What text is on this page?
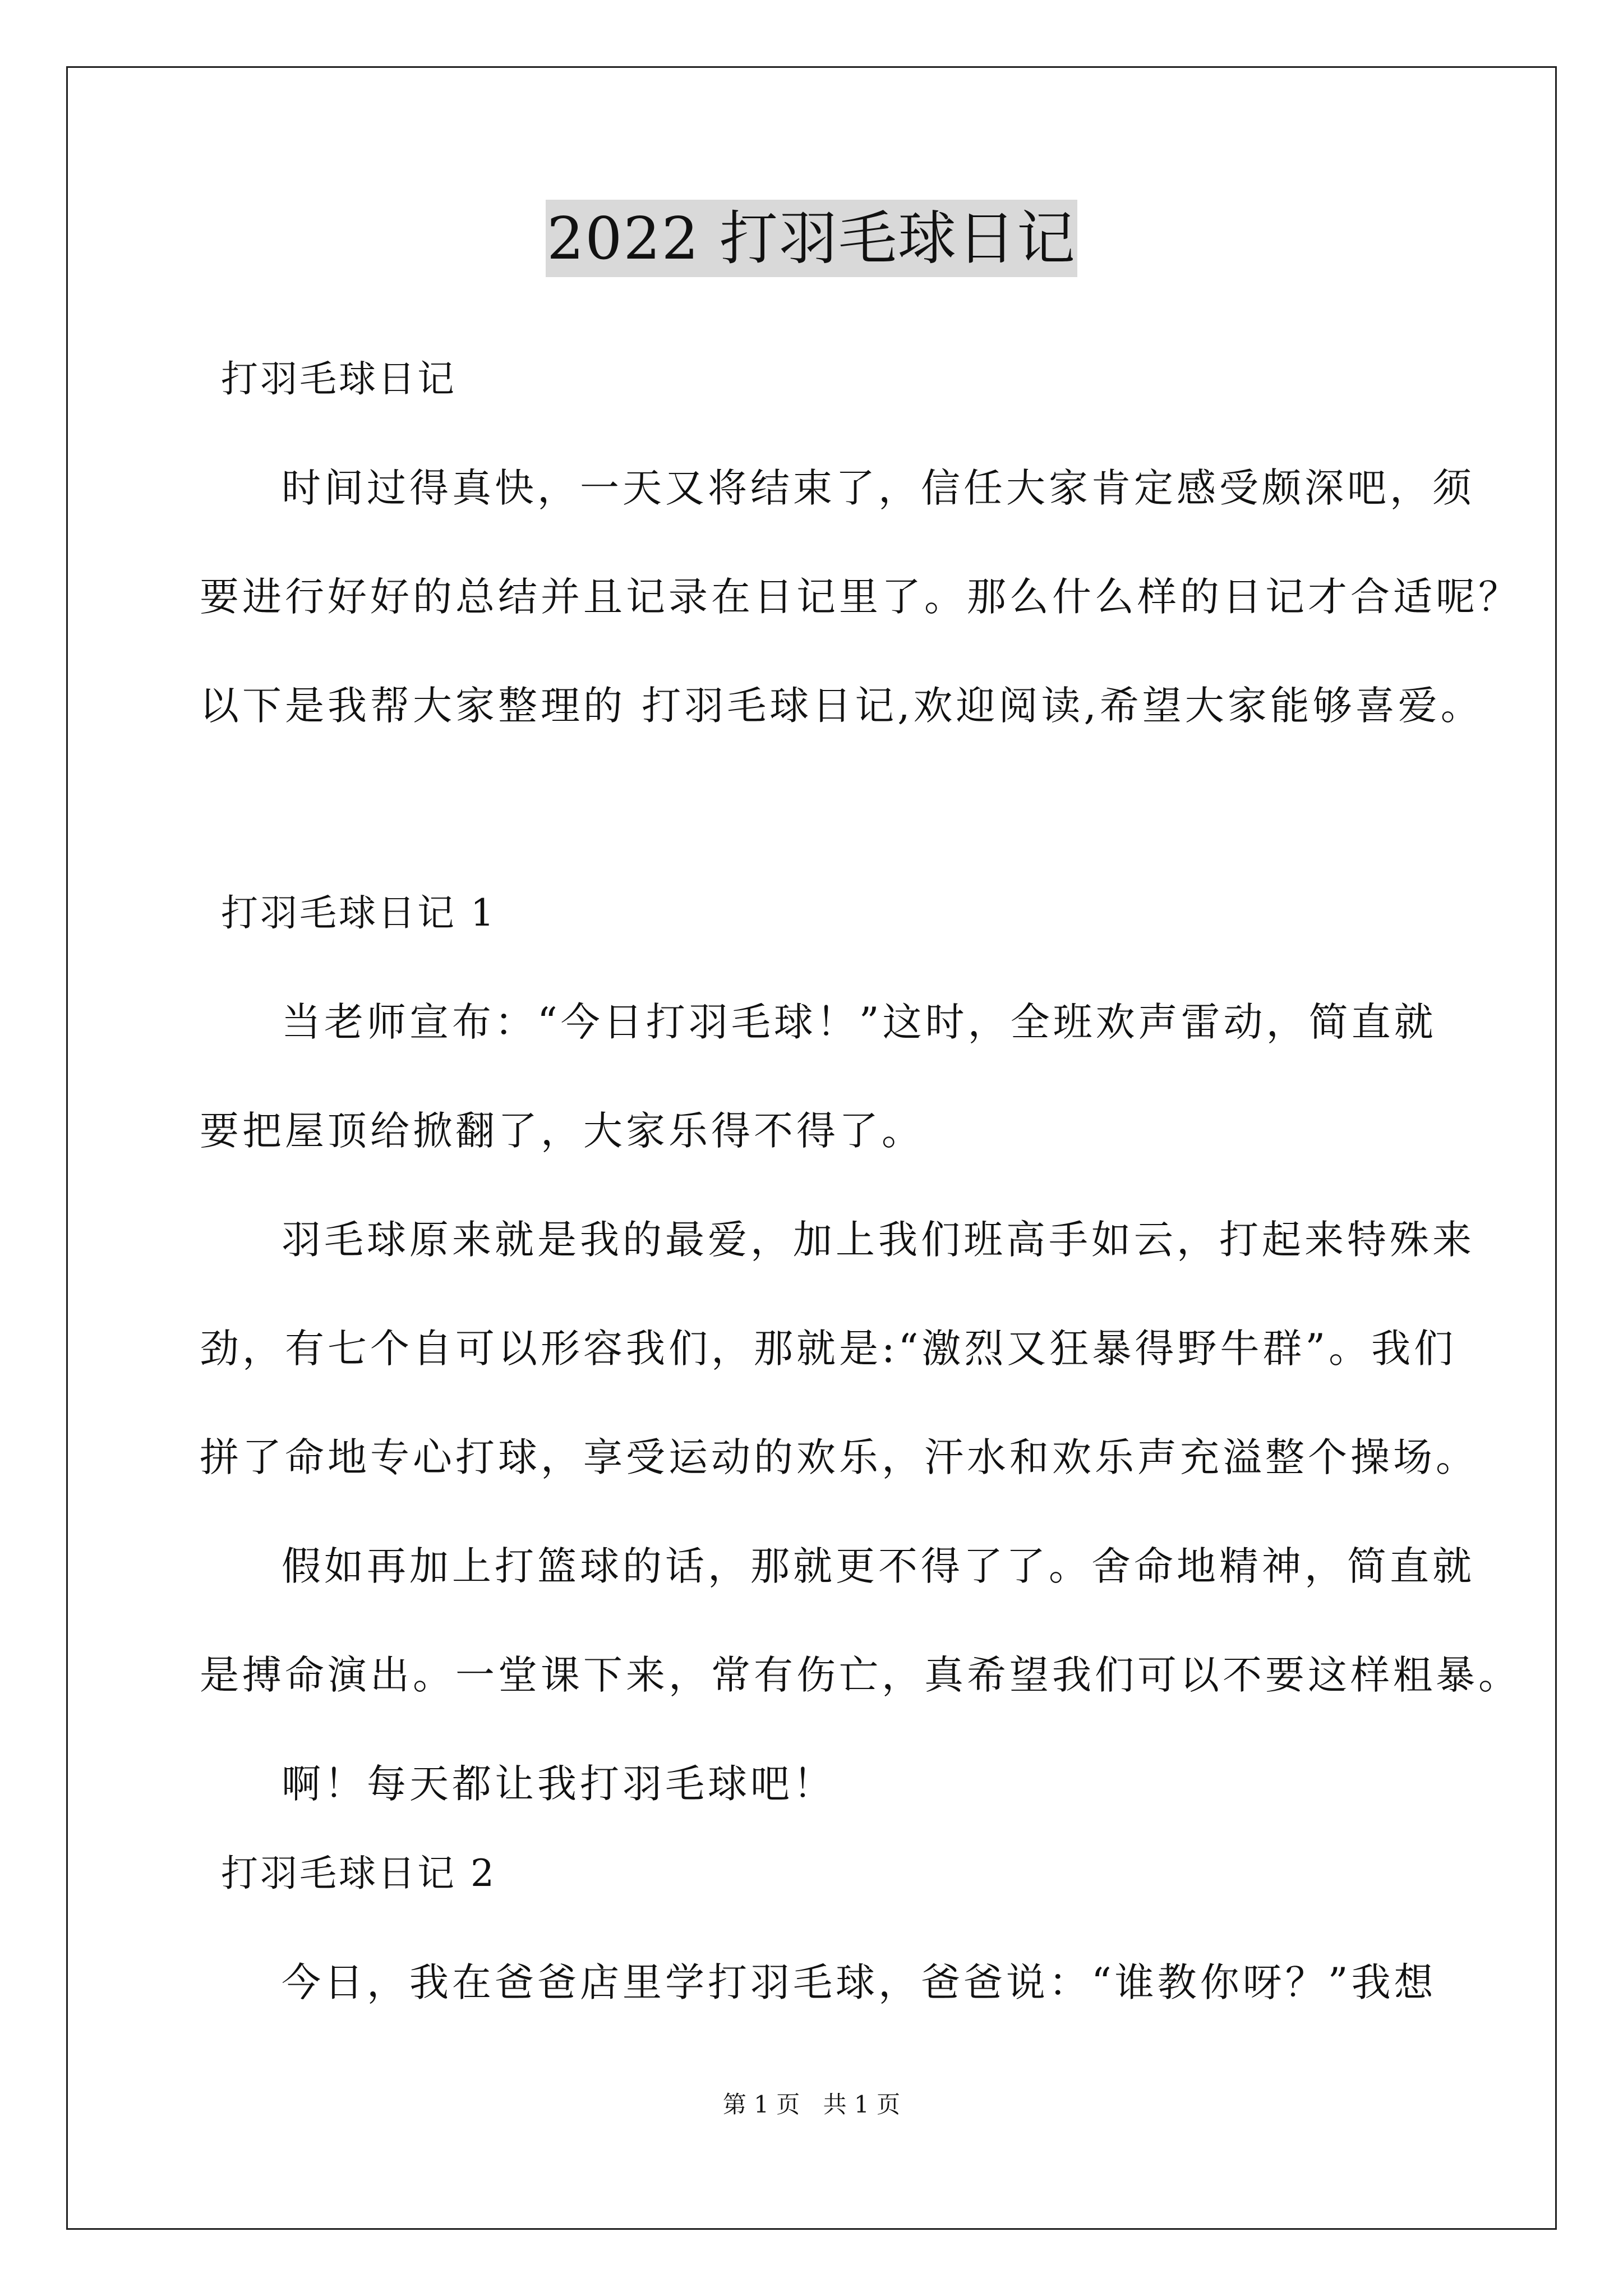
2022 打羽毛球日记
打羽毛球日记
时间过得真快，一天又将结束了，信任大家肯定感受颇深吧，须
要进行好好的总结并且记录在日记里了。那么什么样的日记才合适呢？
以下是我帮大家整理的 打羽毛球日记,欢迎阅读,希望大家能够喜爱。
打羽毛球日记 1
当老师宣布：“今日打羽毛球！”这时，全班欢声雷动，简直就
要把屋顶给掀翻了，大家乐得不得了。
羽毛球原来就是我的最爱，加上我们班高手如云，打起来特殊来
劲，有七个自可以形容我们，那就是:“激烈又狂暴得野牛群”。我们
拼了命地专心打球，享受运动的欢乐，汗水和欢乐声充溢整个操场。
假如再加上打篮球的话，那就更不得了了。舍命地精神，简直就
是搏命演出。一堂课下来，常有伤亡，真希望我们可以不要这样粗暴。
啊！每天都让我打羽毛球吧！
打羽毛球日记 2
今日，我在爸爸店里学打羽毛球，爸爸说：“谁教你呀？”我想
第 1 页 共 1 页
